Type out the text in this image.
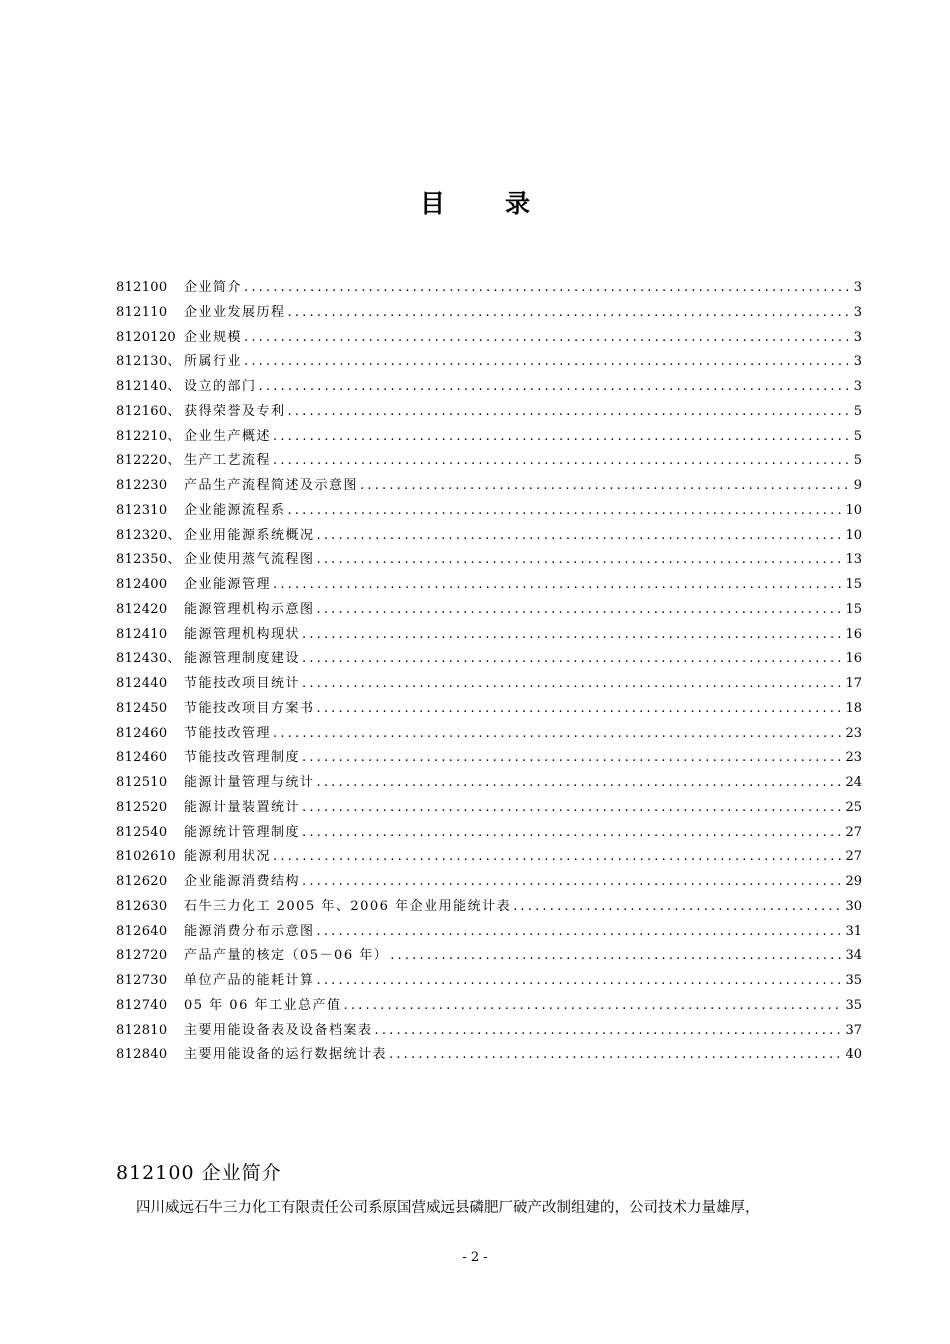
目 录
812100	企业简介 .....	3
812110	企业业发展历程 .....	3
8120120 企业规模 .....	3
812130、 所属行业 .....	3
812140、 设立的部门 .....	3
812160、 获得荣誉及专利 .....	5
812210、 企业生产概述 .....	5
812220、 生产工艺流程 .....	5
812230	产品生产流程简述及示意图 .....	9
812310	企业能源流程系 .....	10
812320、 企业用能源系统概况 .....	10
812350、 企业使用蒸气流程图 .....	13
812400	企业能源管理 .....	15
812420	能源管理机构示意图 .....	15
812410	能源管理机构现状 .....	16
812430、 能源管理制度建设 .....	16
812440	节能技改项目统计 .....	17
812450	节能技改项目方案书 .....	18
812460	节能技改管理 .....	23
812460	节能技改管理制度 .....	23
812510	能源计量管理与统计 .....	24
812520	能源计量装置统计 .....	25
812540	能源统计管理制度 .....	27
8102610 能源利用状况 .....	27
812620	企业能源消费结构 .....	29
812630	石牛三力化工 2005 年、2006 年企业用能统计表 .....	30
812640	能源消费分布示意图 .....	31
812720	产品产量的核定（05－06 年） .....	34
812730	单位产品的能耗计算 .....	35
812740	05 年 06 年工业总产值 .....	35
812810	主要用能设备表及设备档案表 .....	37
812840	主要用能设备的运行数据统计表 .....	40
812100 企业简介

四川威远石牛三力化工有限责任公司系原国营威远县磷肥厂破产改制组建的，公司技术力量雄厚，

- 2 -
